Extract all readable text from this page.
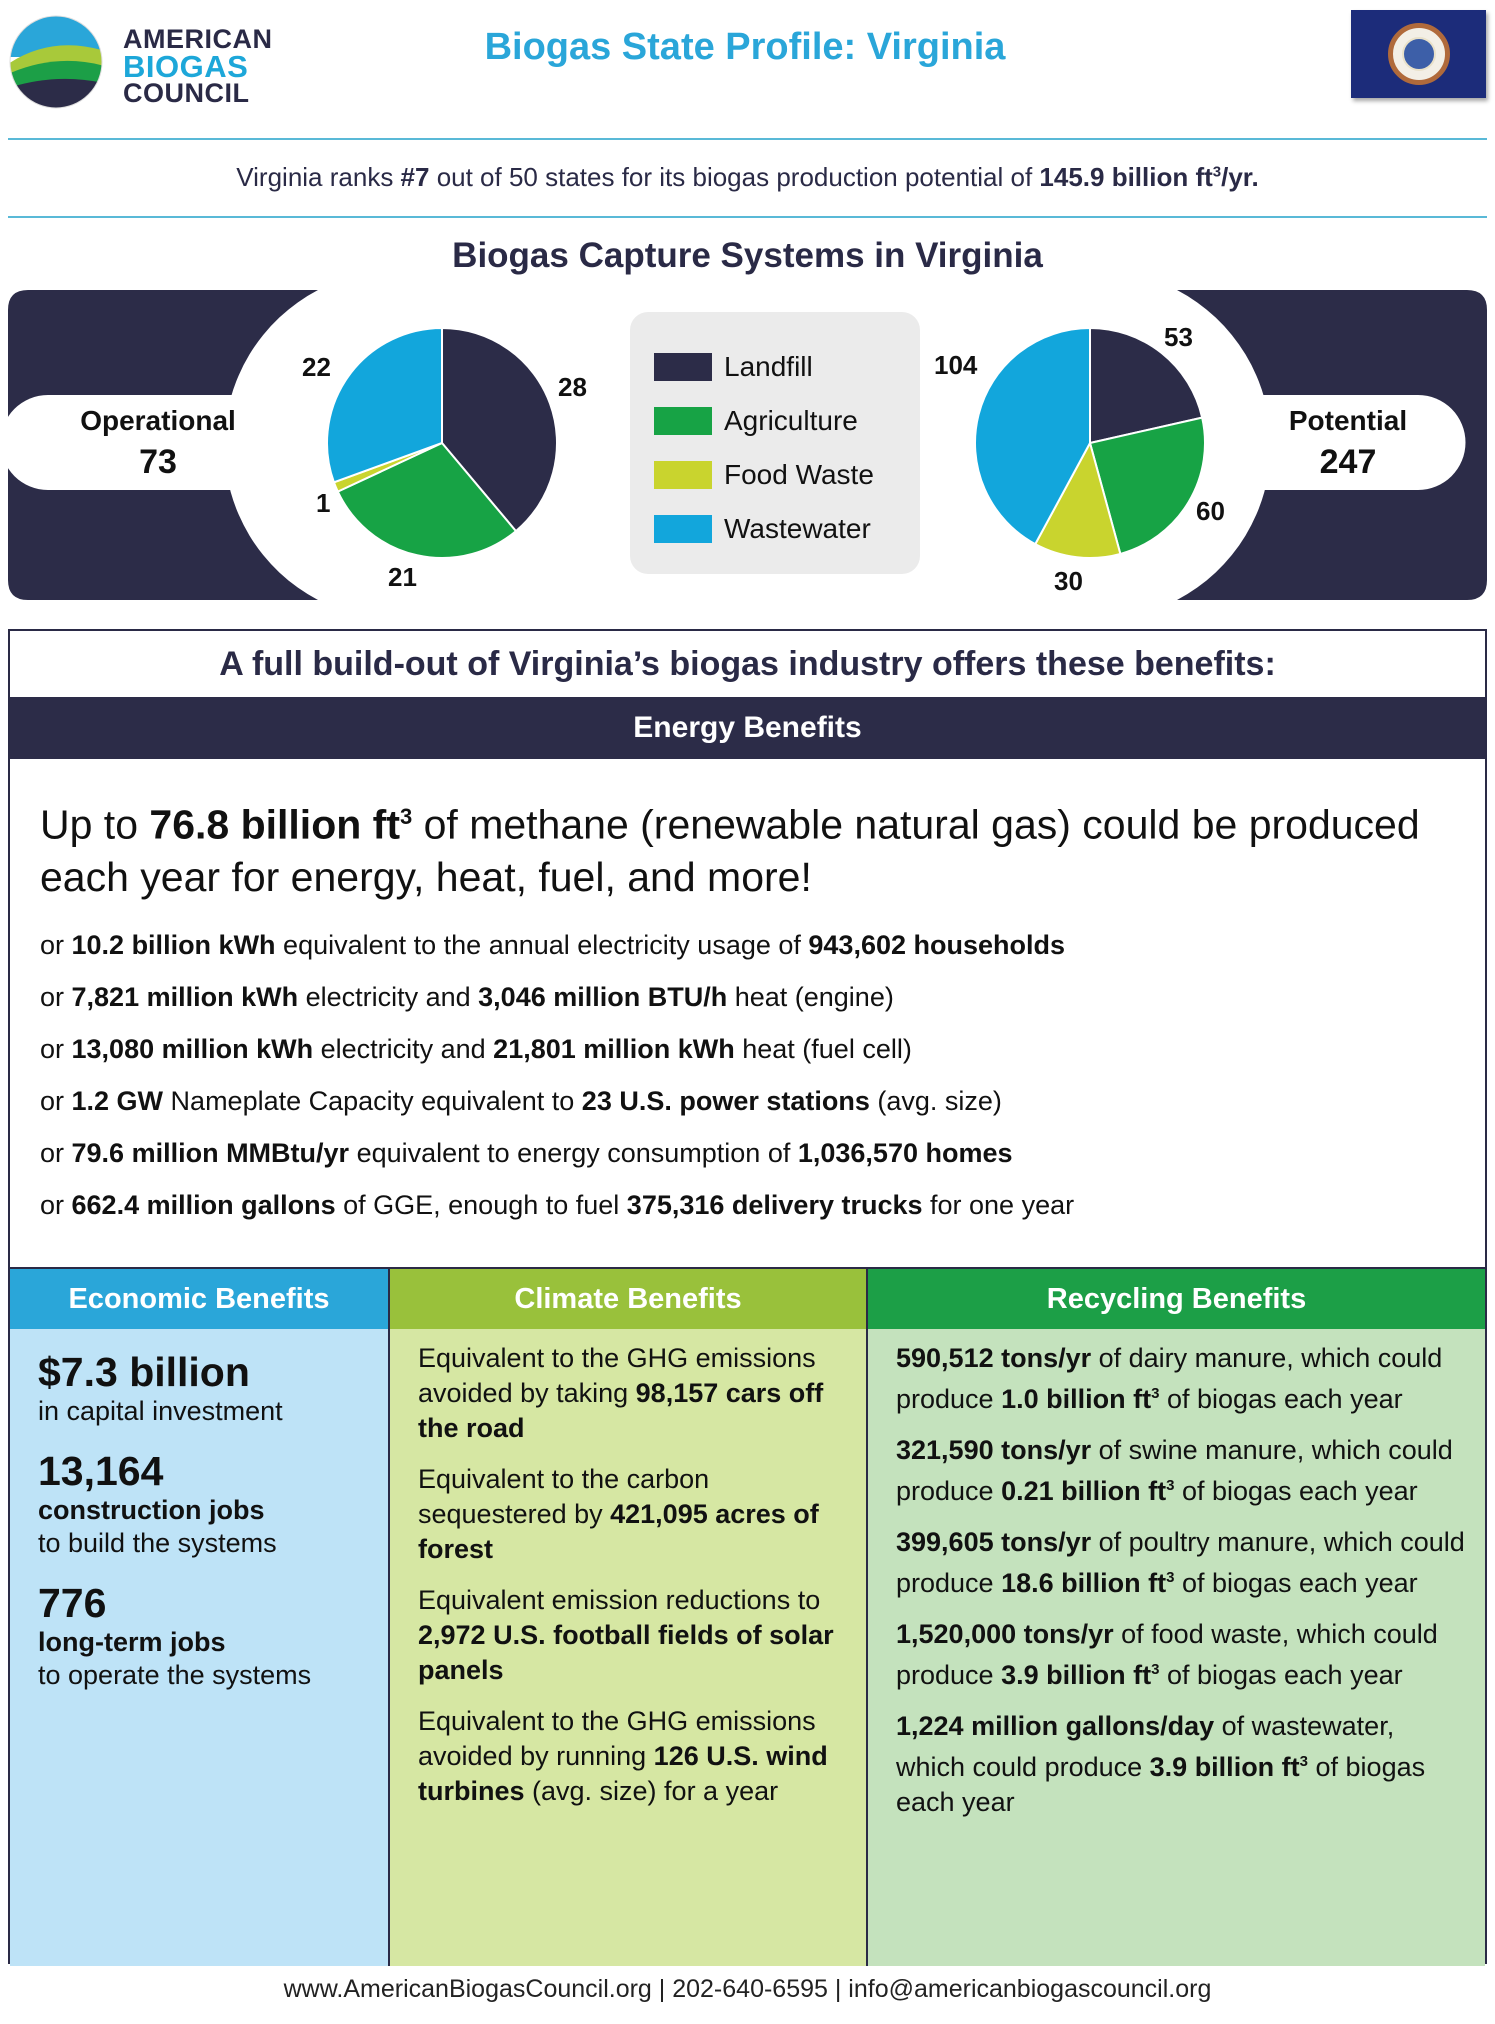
AMERICAN
BIOGAS
COUNCIL
Biogas State Profile: Virginia
Virginia ranks #7 out of 50 states for its biogas production potential of 145.9 billion $ft^3/yr$.
Biogas Capture Systems in Virginia
Operational
73
Potential
247
28
21
1
22
53
60
30
104
Landfill
Agriculture
Food Waste
Wastewater
A full build-out of Virginia’s biogas industry offers these benefits:
Energy Benefits
Up to 76.8 billion $ft^3$ of methane (renewable natural gas) could be produced each year for energy, heat, fuel, and more!
or 10.2 billion kWh equivalent to the annual electricity usage of 943,602 households
or 7,821 million kWh electricity and 3,046 million BTU/h heat (engine)
or 13,080 million kWh electricity and 21,801 million kWh heat (fuel cell)
or 1.2 GW Nameplate Capacity equivalent to 23 U.S. power stations (avg. size)
or 79.6 million MMBtu/yr equivalent to energy consumption of 1,036,570 homes
or 662.4 million gallons of GGE, enough to fuel 375,316 delivery trucks for one year
Economic Benefits
$7.3 billion
in capital investment
13,164
construction jobs
to build the systems
776
long-term jobs
to operate the systems
Climate Benefits
Equivalent to the GHG emissions avoided by taking 98,157 cars off the road
Equivalent to the carbon sequestered by 421,095 acres of forest
Equivalent emission reductions to 2,972 U.S. football fields of solar panels
Equivalent to the GHG emissions avoided by running 126 U.S. wind turbines (avg. size) for a year
Recycling Benefits
590,512 tons/yr of dairy manure, which could produce 1.0 billion $ft^3$ of biogas each year
321,590 tons/yr of swine manure, which could produce 0.21 billion $ft^3$ of biogas each year
399,605 tons/yr of poultry manure, which could produce 18.6 billion $ft^3$ of biogas each year
1,520,000 tons/yr of food waste, which could produce 3.9 billion $ft^3$ of biogas each year
1,224 million gallons/day of wastewater, which could produce 3.9 billion $ft^3$ of biogas each year
www.AmericanBiogasCouncil.org | 202-640-6595 | info@americanbiogascouncil.org
